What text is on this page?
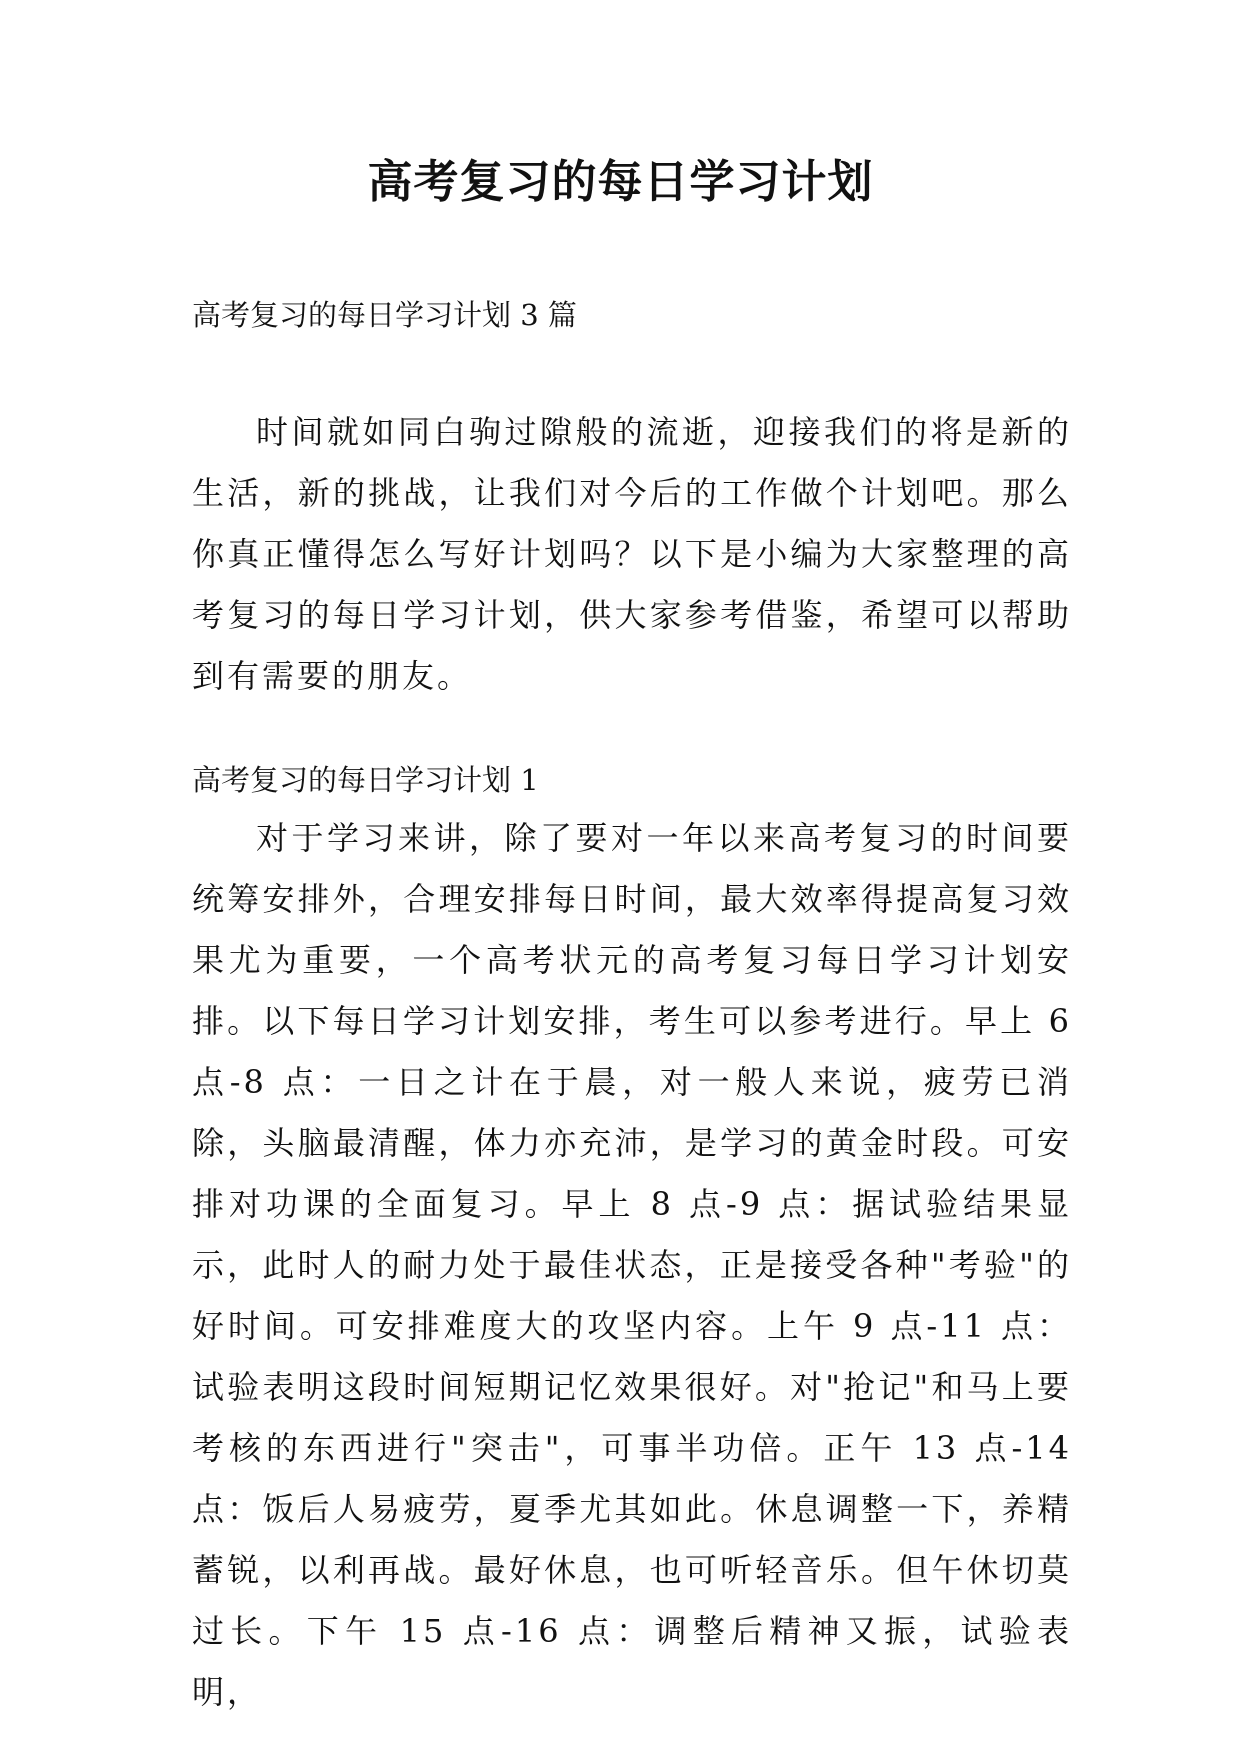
高考复习的每日学习计划
高考复习的每日学习计划 3 篇
时间就如同白驹过隙般的流逝，迎接我们的将是新的生活，新的挑战，让我们对今后的工作做个计划吧。那么你真正懂得怎么写好计划吗？以下是小编为大家整理的高考复习的每日学习计划，供大家参考借鉴，希望可以帮助到有需要的朋友。
高考复习的每日学习计划 1
对于学习来讲，除了要对一年以来高考复习的时间要统筹安排外，合理安排每日时间，最大效率得提高复习效果尤为重要，一个高考状元的高考复习每日学习计划安排。以下每日学习计划安排，考生可以参考进行。早上 6 点-8 点：一日之计在于晨，对一般人来说，疲劳已消除，头脑最清醒，体力亦充沛，是学习的黄金时段。可安排对功课的全面复习。早上 8 点-9 点：据试验结果显示，此时人的耐力处于最佳状态，正是接受各种"考验"的好时间。可安排难度大的攻坚内容。上午 9 点-11 点：试验表明这段时间短期记忆效果很好。对"抢记"和马上要考核的东西进行"突击"，可事半功倍。正午 13 点-14 点：饭后人易疲劳，夏季尤其如此。休息调整一下，养精蓄锐，以利再战。最好休息，也可听轻音乐。但午休切莫过长。下午 15 点-16 点：调整后精神又振，试验表明，
